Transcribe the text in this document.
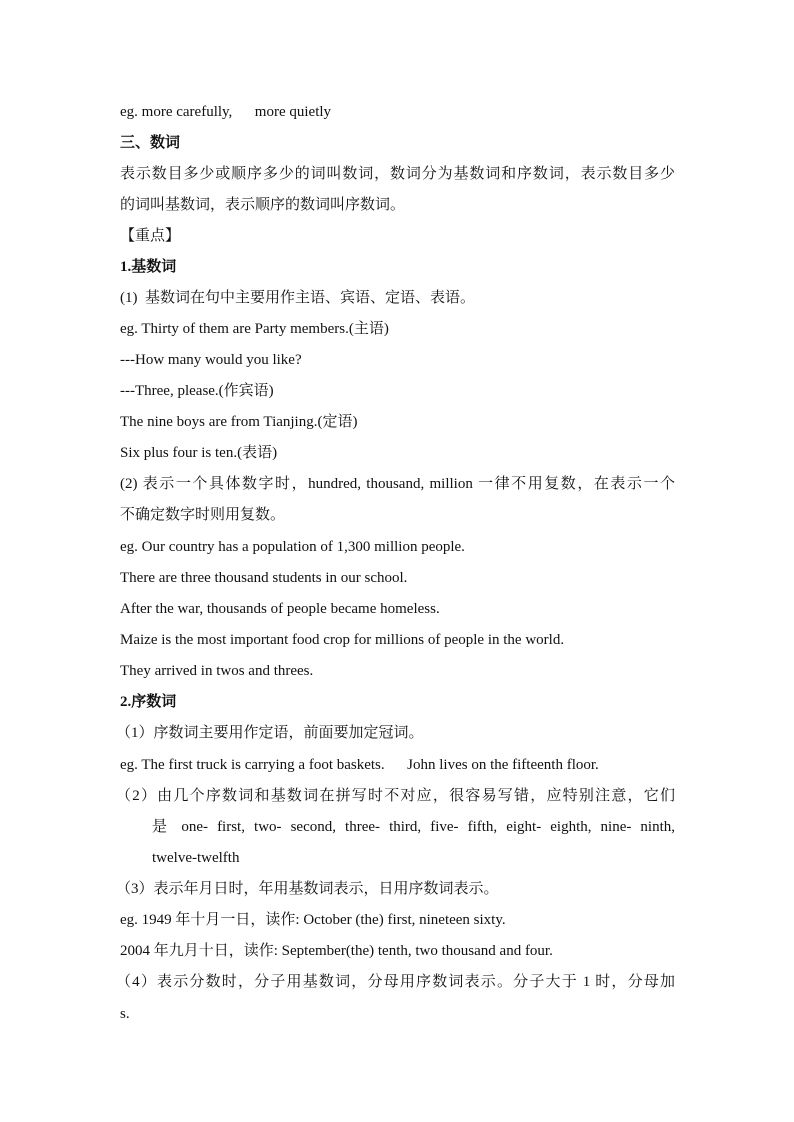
eg. more carefully,      more quietly
三、数词
表示数目多少或顺序多少的词叫数词，数词分为基数词和序数词，表示数目多少
的词叫基数词，表示顺序的数词叫序数词。
【重点】
1.基数词
(1)  基数词在句中主要用作主语、宾语、定语、表语。
eg. Thirty of them are Party members.(主语)
---How many would you like?
---Three, please.(作宾语)
The nine boys are from Tianjing.(定语)
Six plus four is ten.(表语)
(2) 表示一个具体数字时，hundred, thousand, million 一律不用复数，在表示一个
不确定数字时则用复数。
eg. Our country has a population of 1,300 million people.
There are three thousand students in our school.
After the war, thousands of people became homeless.
Maize is the most important food crop for millions of people in the world.
They arrived in twos and threes.
2.序数词
（1）序数词主要用作定语，前面要加定冠词。
eg. The first truck is carrying a foot baskets.      John lives on the fifteenth floor.
（2）由几个序数词和基数词在拼写时不对应，很容易写错，应特别注意，它们
是 one- first, two- second, three- third, five- fifth, eight- eighth, nine- ninth,
twelve-twelfth
（3）表示年月日时，年用基数词表示，日用序数词表示。
eg. 1949 年十月一日，读作: October (the) first, nineteen sixty.
2004 年九月十日，读作: September(the) tenth, two thousand and four.
（4）表示分数时，分子用基数词，分母用序数词表示。分子大于 1 时，分母加
s.
